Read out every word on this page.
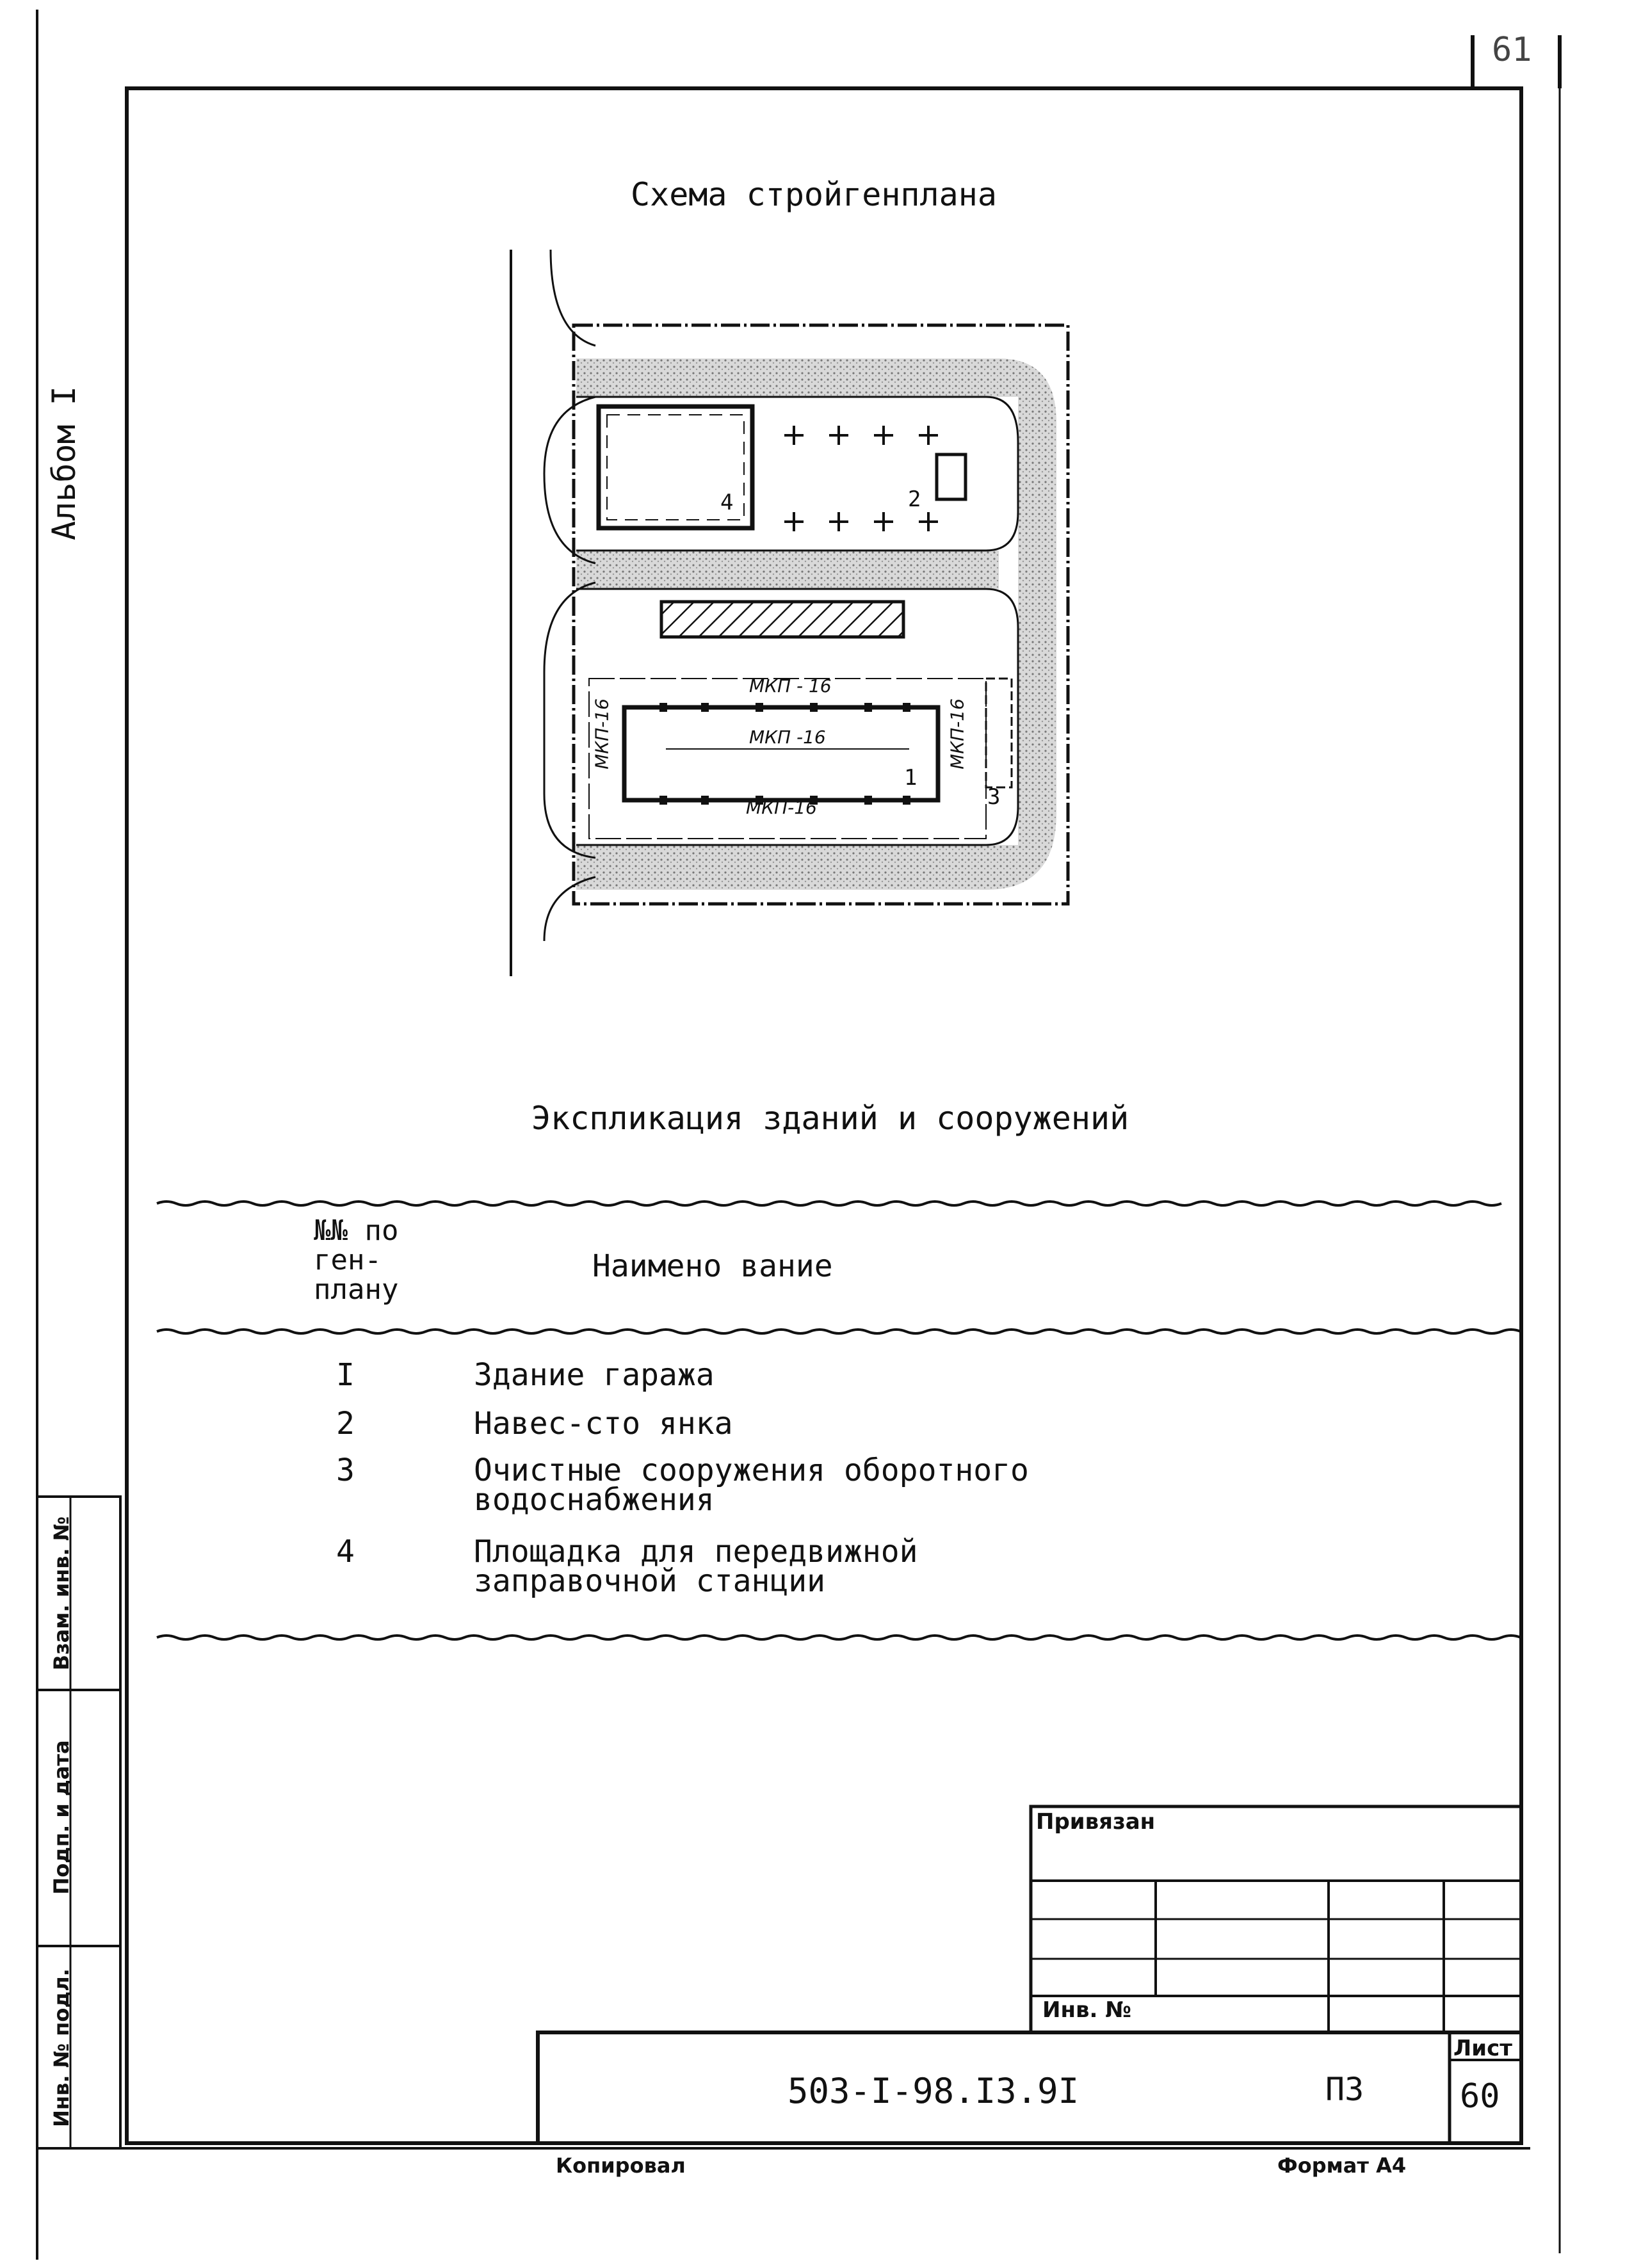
4	2
1
3
МКП - 16
МКП -16
МКП-16
МКП-16	МКП-16
61
Альбом I
Схема стройгенплана
Экспликация зданий и сооружений
№№ по
ген-
плану
Наимено вание
I	Здание гаража
2	Навес-сто янка
3	Очистные сооружения оборотного
водоснабжения
4	Площадка для передвижной
заправочной станции
Привязан
Инв. №
503-I-98.I3.9I	ПЗ
Лист
60
Взам. инв. №
Подп. и дата
Инв. № подл.
Копировал	Формат А4
